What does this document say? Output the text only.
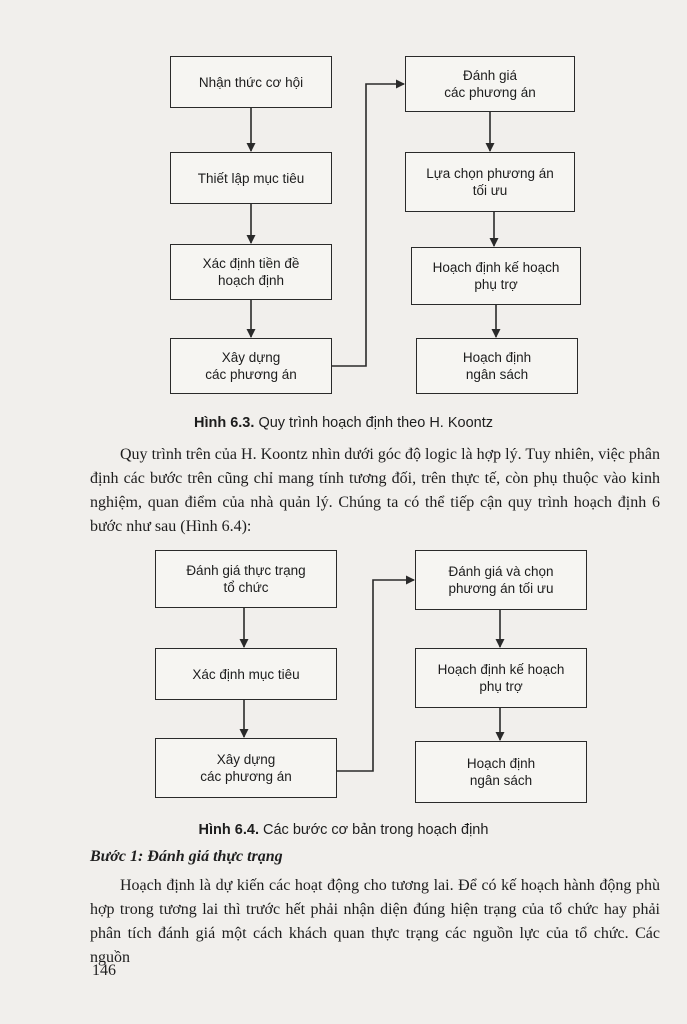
Nhận thức cơ hội
Thiết lập mục tiêu
Xác định tiền đề
hoạch định
Xây dựng
các phương án
Đánh giá
các phương án
Lựa chọn phương án
tối ưu
Hoạch định kế hoạch
phụ trợ
Hoạch định
ngân sách
Hình 6.3. Quy trình hoạch định theo H. Koontz
Quy trình trên của H. Koontz nhìn dưới góc độ logic là hợp lý. Tuy nhiên, việc phân định các bước trên cũng chỉ mang tính tương đối, trên thực tế, còn phụ thuộc vào kinh nghiệm, quan điểm của nhà quản lý. Chúng ta có thể tiếp cận quy trình hoạch định 6 bước như sau (Hình 6.4):
Đánh giá thực trạng
tổ chức
Xác định mục tiêu
Xây dựng
các phương án
Đánh giá và chọn
phương án tối ưu
Hoạch định kế hoạch
phụ trợ
Hoạch định
ngân sách
Hình 6.4. Các bước cơ bản trong hoạch định
Bước 1: Đánh giá thực trạng
Hoạch định là dự kiến các hoạt động cho tương lai. Để có kế hoạch hành động phù hợp trong tương lai thì trước hết phải nhận diện đúng hiện trạng của tổ chức hay phải phân tích đánh giá một cách khách quan thực trạng các nguồn lực của tổ chức. Các nguồn
146
